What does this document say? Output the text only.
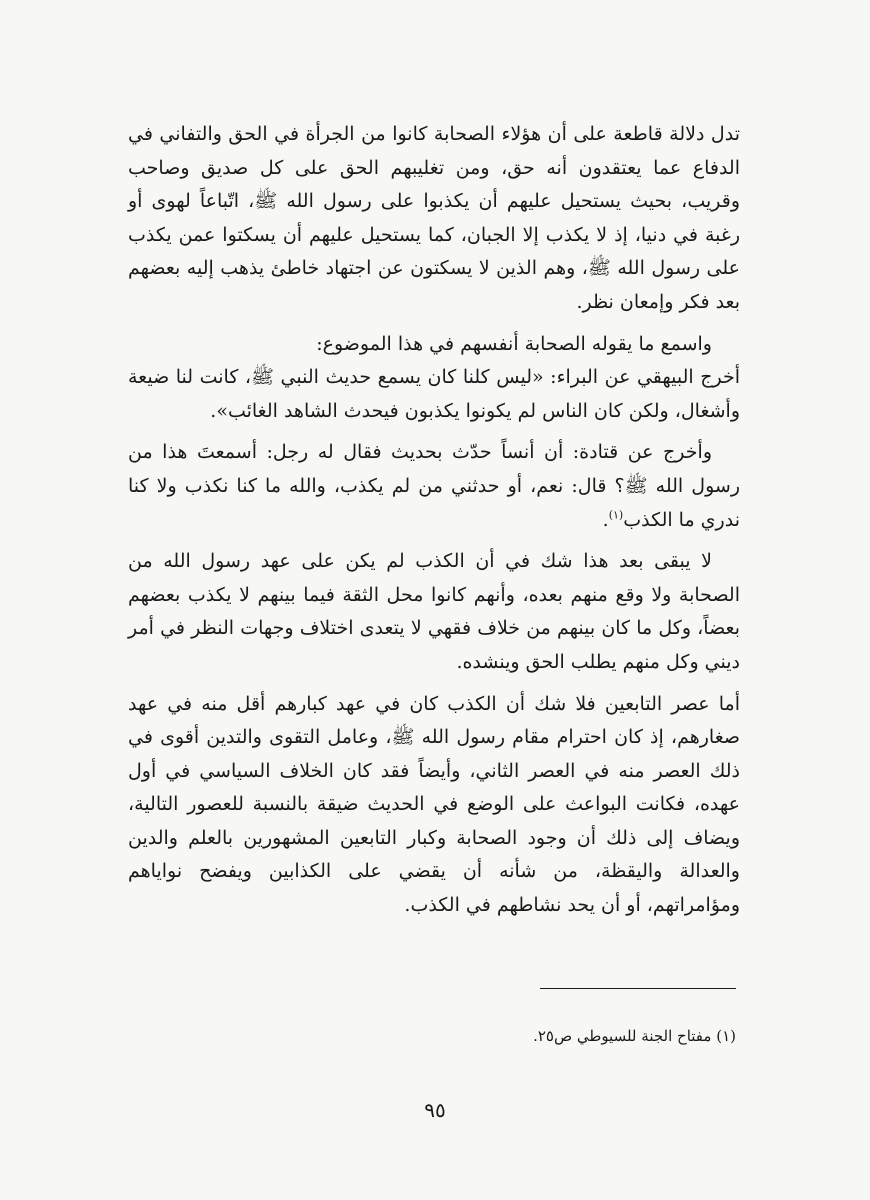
تدل دلالة قاطعة على أن هؤلاء الصحابة كانوا من الجرأة في الحق والتفاني في الدفاع عما يعتقدون أنه حق، ومن تغليبهم الحق على كل صديق وصاحب وقريب، بحيث يستحيل عليهم أن يكذبوا على رسول الله ﷺ، اتّباعاً لهوى أو رغبة في دنيا، إذ لا يكذب إلا الجبان، كما يستحيل عليهم أن يسكتوا عمن يكذب على رسول الله ﷺ، وهم الذين لا يسكتون عن اجتهاد خاطئ يذهب إليه بعضهم بعد فكر وإمعان نظر.

واسمع ما يقوله الصحابة أنفسهم في هذا الموضوع:

أخرج البيهقي عن البراء: «ليس كلنا كان يسمع حديث النبي ﷺ، كانت لنا ضيعة وأشغال، ولكن كان الناس لم يكونوا يكذبون فيحدث الشاهد الغائب».

وأخرج عن قتادة: أن أنساً حدّث بحديث فقال له رجل: أسمعتَ هذا من رسول الله ﷺ؟ قال: نعم، أو حدثني من لم يكذب، والله ما كنا نكذب ولا كنا ندري ما الكذب$^{(١)}$.

لا يبقى بعد هذا شك في أن الكذب لم يكن على عهد رسول الله من الصحابة ولا وقع منهم بعده، وأنهم كانوا محل الثقة فيما بينهم لا يكذب بعضهم بعضاً، وكل ما كان بينهم من خلاف فقهي لا يتعدى اختلاف وجهات النظر في أمر ديني وكل منهم يطلب الحق وينشده.

أما عصر التابعين فلا شك أن الكذب كان في عهد كبارهم أقل منه في عهد صغارهم، إذ كان احترام مقام رسول الله ﷺ، وعامل التقوى والتدين أقوى في ذلك العصر منه في العصر الثاني، وأيضاً فقد كان الخلاف السياسي في أول عهده، فكانت البواعث على الوضع في الحديث ضيقة بالنسبة للعصور التالية، ويضاف إلى ذلك أن وجود الصحابة وكبار التابعين المشهورين بالعلم والدين والعدالة واليقظة، من شأنه أن يقضي على الكذابين ويفضح نواياهم ومؤامراتهم، أو أن يحد نشاطهم في الكذب.

(١) مفتاح الجنة للسيوطي ص٢٥.
٩٥
